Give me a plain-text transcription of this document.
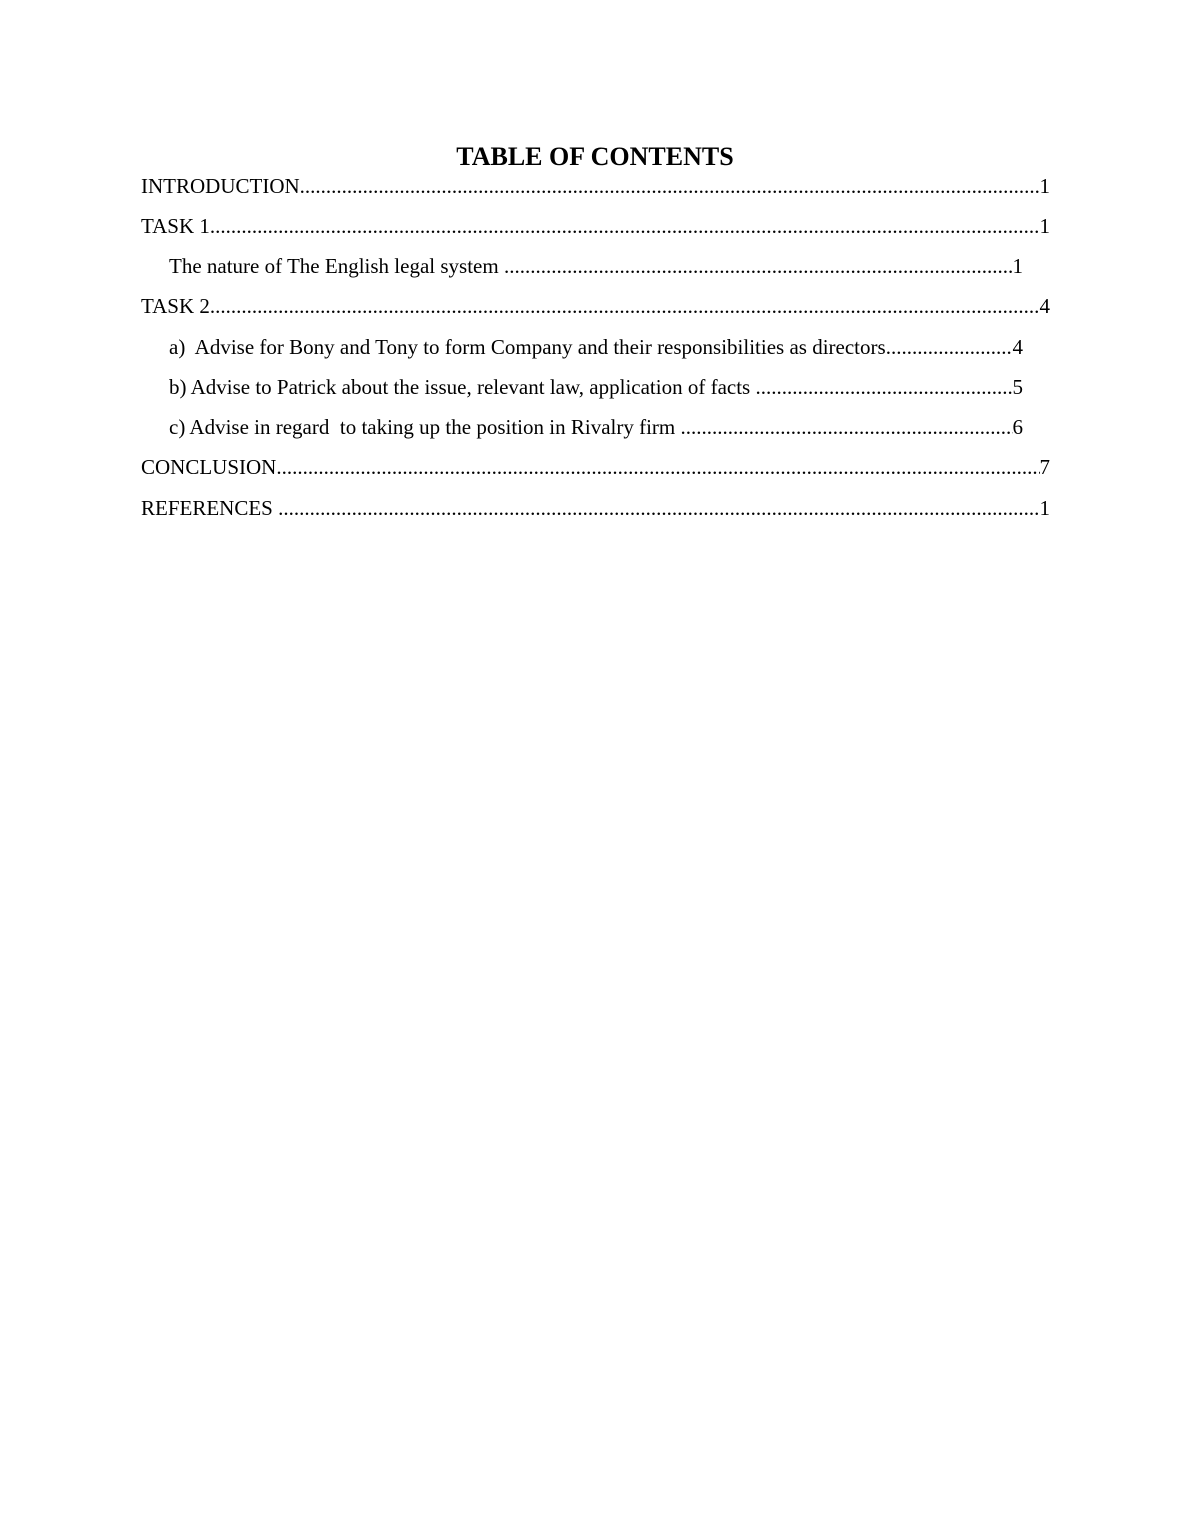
TABLE OF CONTENTS
INTRODUCTION .....	1
TASK 1 .....	1
The nature of The English legal system .....	1
TASK 2 .....	4
a)  Advise for Bony and Tony to form Company and their responsibilities as directors .....	4
b) Advise to Patrick about the issue, relevant law, application of facts .....	5
c) Advise in regard  to taking up the position in Rivalry firm .....	6
CONCLUSION .....	7
REFERENCES .....	1
